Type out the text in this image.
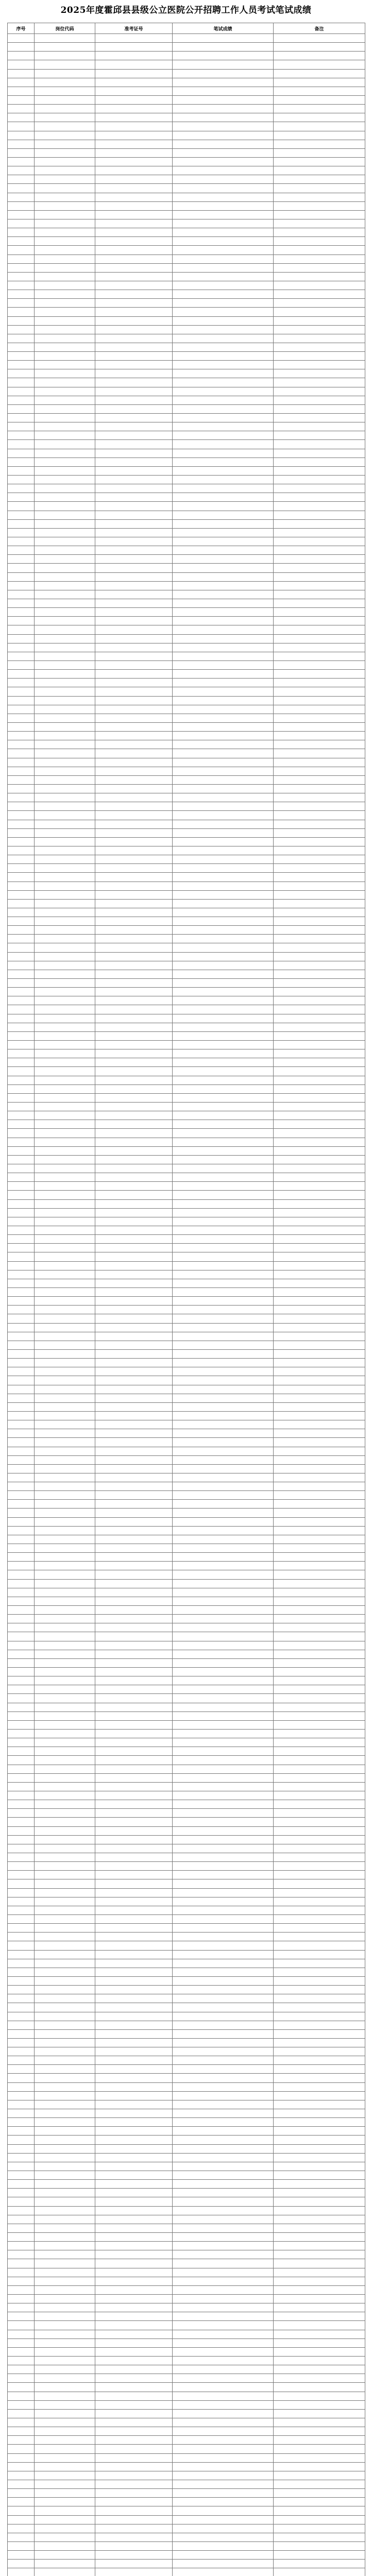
2025年度霍邱县县级公立医院公开招聘工作人员考试笔试成绩
序号	岗位代码	准考证号	笔试成绩	备注
